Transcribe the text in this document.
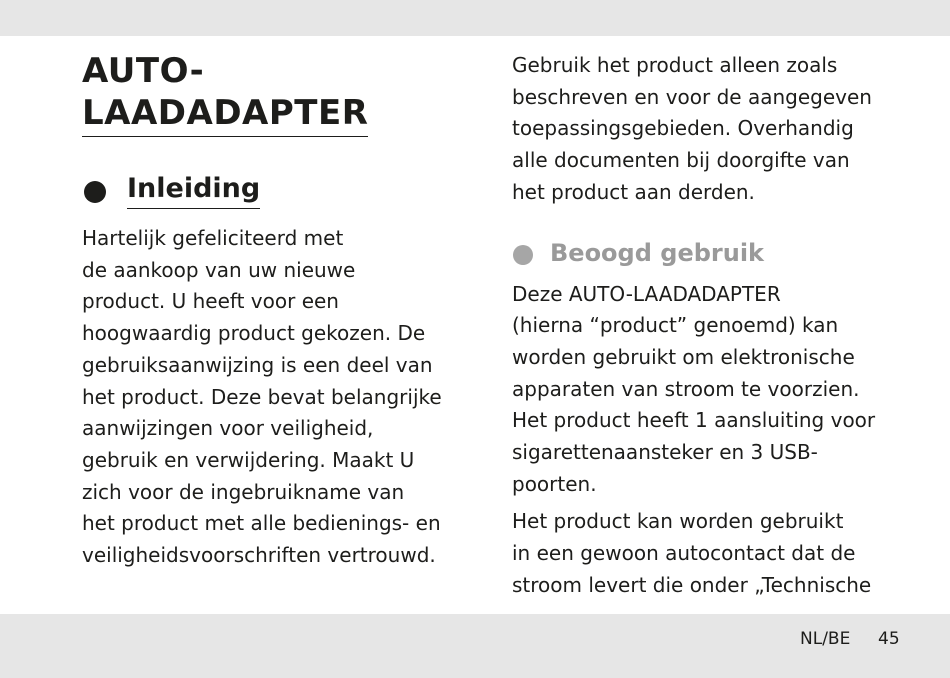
AUTO-
LAADADAPTER
Inleiding

Hartelijk gefeliciteerd met
de aankoop van uw nieuwe
product. U heeft voor een
hoogwaardig product gekozen. De
gebruiksaanwijzing is een deel van
het product. Deze bevat belangrijke
aanwijzingen voor veiligheid,
gebruik en verwijdering. Maakt U
zich voor de ingebruikname van
het product met alle bedienings- en
veiligheidsvoorschriften vertrouwd.

Gebruik het product alleen zoals
beschreven en voor de aangegeven
toepassingsgebieden. Overhandig
alle documenten bij doorgifte van
het product aan derden.

Beoogd gebruik

Deze AUTO-LAADADAPTER
(hierna “product” genoemd) kan
worden gebruikt om elektronische
apparaten van stroom te voorzien.
Het product heeft 1 aansluiting voor
sigarettenaansteker en 3 USB-
poorten.

Het product kan worden gebruikt
in een gewoon autocontact dat de
stroom levert die onder „Technische

NL/BE 45
